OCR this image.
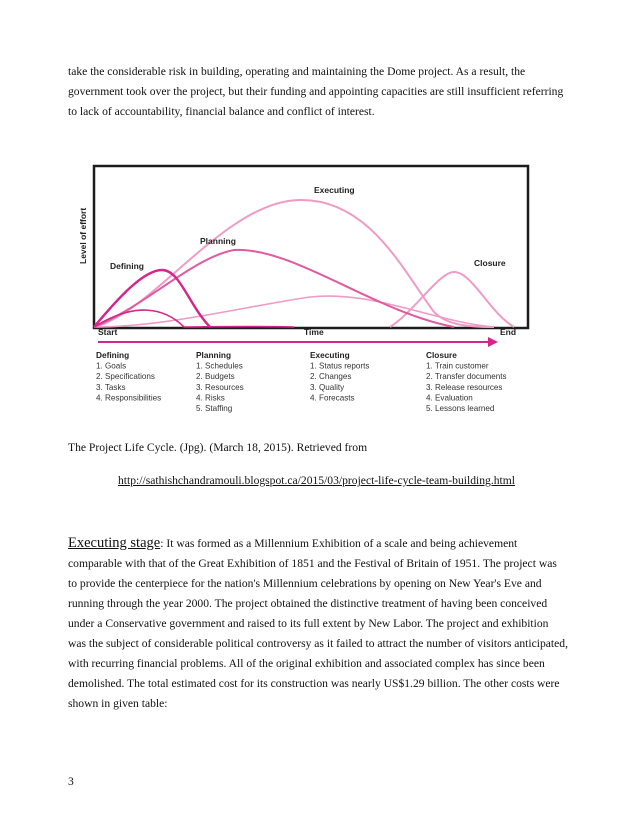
take the considerable risk in building, operating and maintaining the Dome project. As a result, the government took over the project, but their funding and appointing capacities are still insufficient referring to lack of accountability, financial balance and conflict of interest.

Level of effort
Defining
Planning
Executing
Closure
Start	Time	End
Defining
1. Goals
2. Specifications
3. Tasks
4. Responsibilities
Planning
1. Schedules
2. Budgets
3. Resources
4. Risks
5. Staffing
Executing
1. Status reports
2. Changes
3. Quality
4. Forecasts
Closure
1. Train customer
2. Transfer documents
3. Release resources
4. Evaluation
5. Lessons learned

The Project Life Cycle. (Jpg). (March 18, 2015). Retrieved from

http://sathishchandramouli.blogspot.ca/2015/03/project-life-cycle-team-building.html

Executing stage: It was formed as a Millennium Exhibition of a scale and being achievement comparable with that of the Great Exhibition of 1851 and the Festival of Britain of 1951. The project was to provide the centerpiece for the nation's Millennium celebrations by opening on New Year's Eve and running through the year 2000. The project obtained the distinctive treatment of having been conceived under a Conservative government and raised to its full extent by New Labor. The project and exhibition was the subject of considerable political controversy as it failed to attract the number of visitors anticipated, with recurring financial problems. All of the original exhibition and associated complex has since been demolished. The total estimated cost for its construction was nearly US$1.29 billion. The other costs were shown in given table:

3
